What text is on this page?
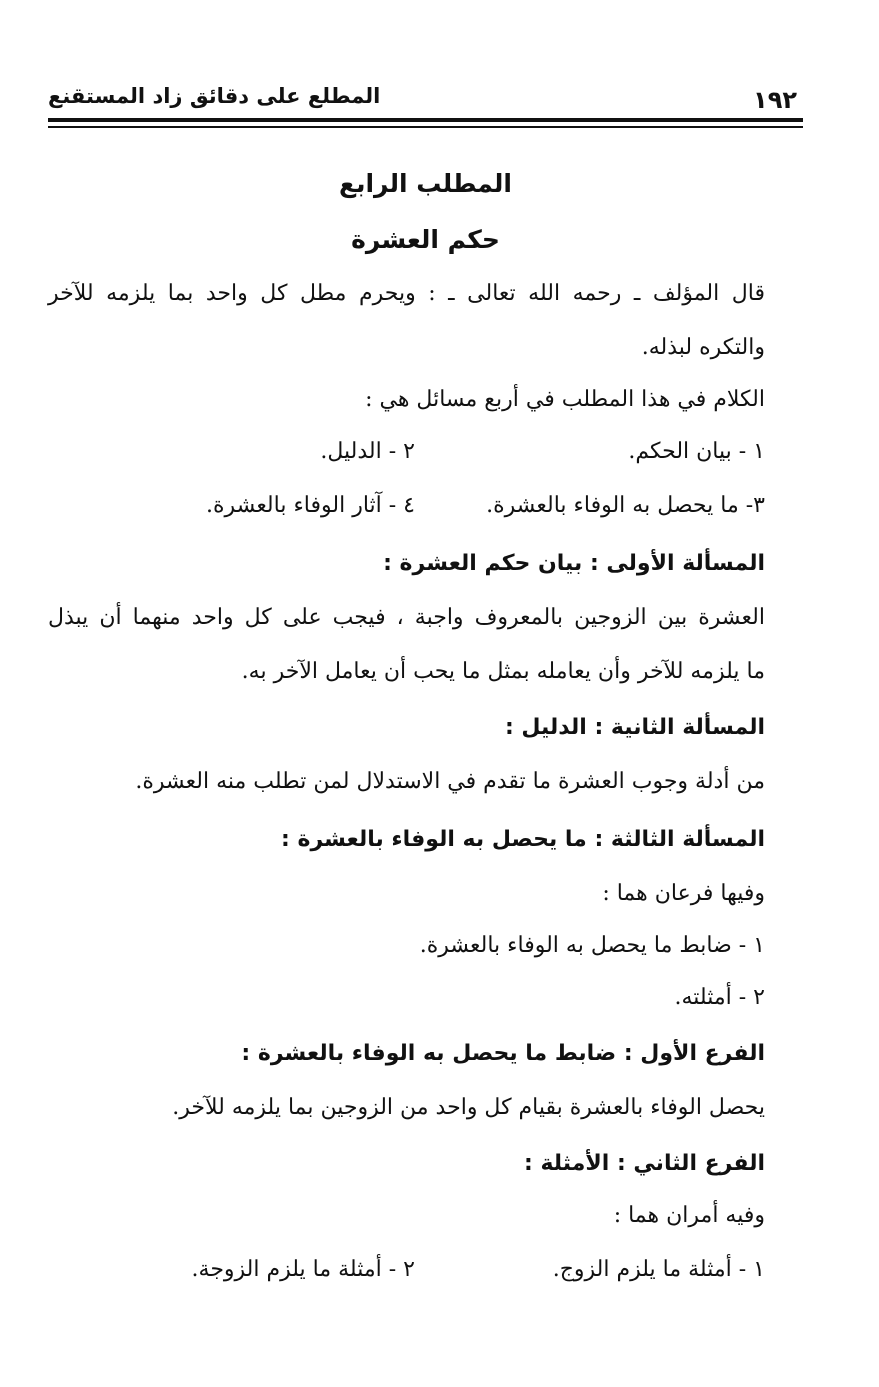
١٩٢
المطلع على دقائق زاد المستقنع
المطلب الرابع
حكم العشرة
قال المؤلف ـ رحمه الله تعالى ـ : ويحرم مطل كل واحد بما يلزمه للآخر
والتكره لبذله.
الكلام في هذا المطلب في أربع مسائل هي :
١ - بيان الحكم.
٢ - الدليل.
٣- ما يحصل به الوفاء بالعشرة.
٤ - آثار الوفاء بالعشرة.
المسألة الأولى : بيان حكم العشرة :
العشرة بين الزوجين بالمعروف واجبة ، فيجب على كل واحد منهما أن يبذل
ما يلزمه للآخر وأن يعامله بمثل ما يحب أن يعامل الآخر به.
المسألة الثانية : الدليل :
من أدلة وجوب العشرة ما تقدم في الاستدلال لمن تطلب منه العشرة.
المسألة الثالثة : ما يحصل به الوفاء بالعشرة :
وفيها فرعان هما :
١ - ضابط ما يحصل به الوفاء بالعشرة.
٢ - أمثلته.
الفرع الأول : ضابط ما يحصل به الوفاء بالعشرة :
يحصل الوفاء بالعشرة بقيام كل واحد من الزوجين بما يلزمه للآخر.
الفرع الثاني : الأمثلة :
وفيه أمران هما :
١ - أمثلة ما يلزم الزوج.
٢ - أمثلة ما يلزم الزوجة.
